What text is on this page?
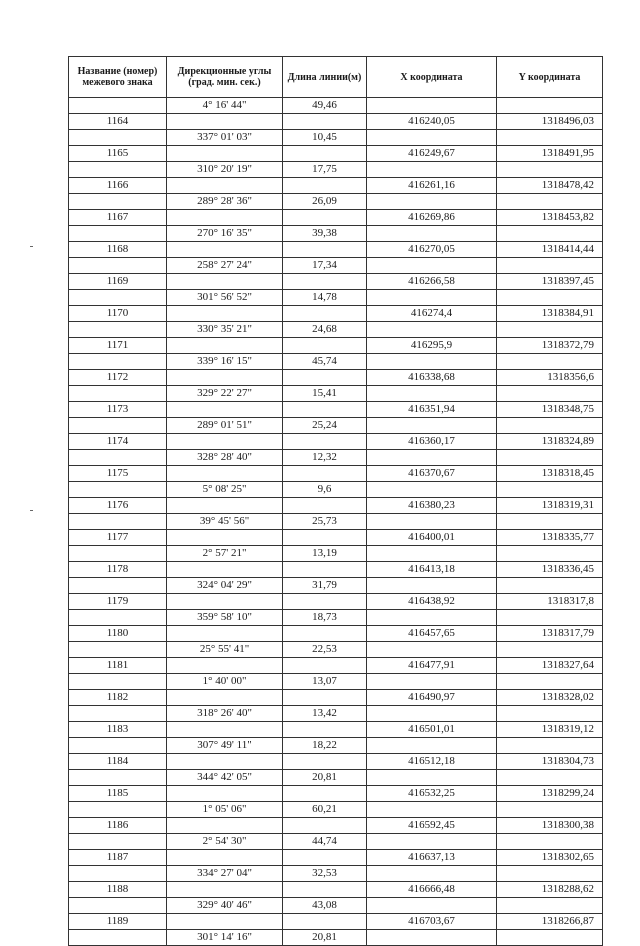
Название (номер) межевого знака	Дирекционные углы (град. мин. сек.)	Длина линии(м)	X координата	Y координата
	4° 16' 44"	49,46		
1164			416240,05	1318496,03
	337° 01' 03"	10,45		
1165			416249,67	1318491,95
	310° 20' 19"	17,75		
1166			416261,16	1318478,42
	289° 28' 36"	26,09		
1167			416269,86	1318453,82
	270° 16' 35"	39,38		
1168			416270,05	1318414,44
	258° 27' 24"	17,34		
1169			416266,58	1318397,45
	301° 56' 52"	14,78		
1170			416274,4	1318384,91
	330° 35' 21"	24,68		
1171			416295,9	1318372,79
	339° 16' 15"	45,74		
1172			416338,68	1318356,6
	329° 22' 27"	15,41		
1173			416351,94	1318348,75
	289° 01' 51"	25,24		
1174			416360,17	1318324,89
	328° 28' 40"	12,32		
1175			416370,67	1318318,45
	5° 08' 25"	9,6		
1176			416380,23	1318319,31
	39° 45' 56"	25,73		
1177			416400,01	1318335,77
	2° 57' 21"	13,19		
1178			416413,18	1318336,45
	324° 04' 29"	31,79		
1179			416438,92	1318317,8
	359° 58' 10"	18,73		
1180			416457,65	1318317,79
	25° 55' 41"	22,53		
1181			416477,91	1318327,64
	1° 40' 00"	13,07		
1182			416490,97	1318328,02
	318° 26' 40"	13,42		
1183			416501,01	1318319,12
	307° 49' 11"	18,22		
1184			416512,18	1318304,73
	344° 42' 05"	20,81		
1185			416532,25	1318299,24
	1° 05' 06"	60,21		
1186			416592,45	1318300,38
	2° 54' 30"	44,74		
1187			416637,13	1318302,65
	334° 27' 04"	32,53		
1188			416666,48	1318288,62
	329° 40' 46"	43,08		
1189			416703,67	1318266,87
	301° 14' 16"	20,81		
